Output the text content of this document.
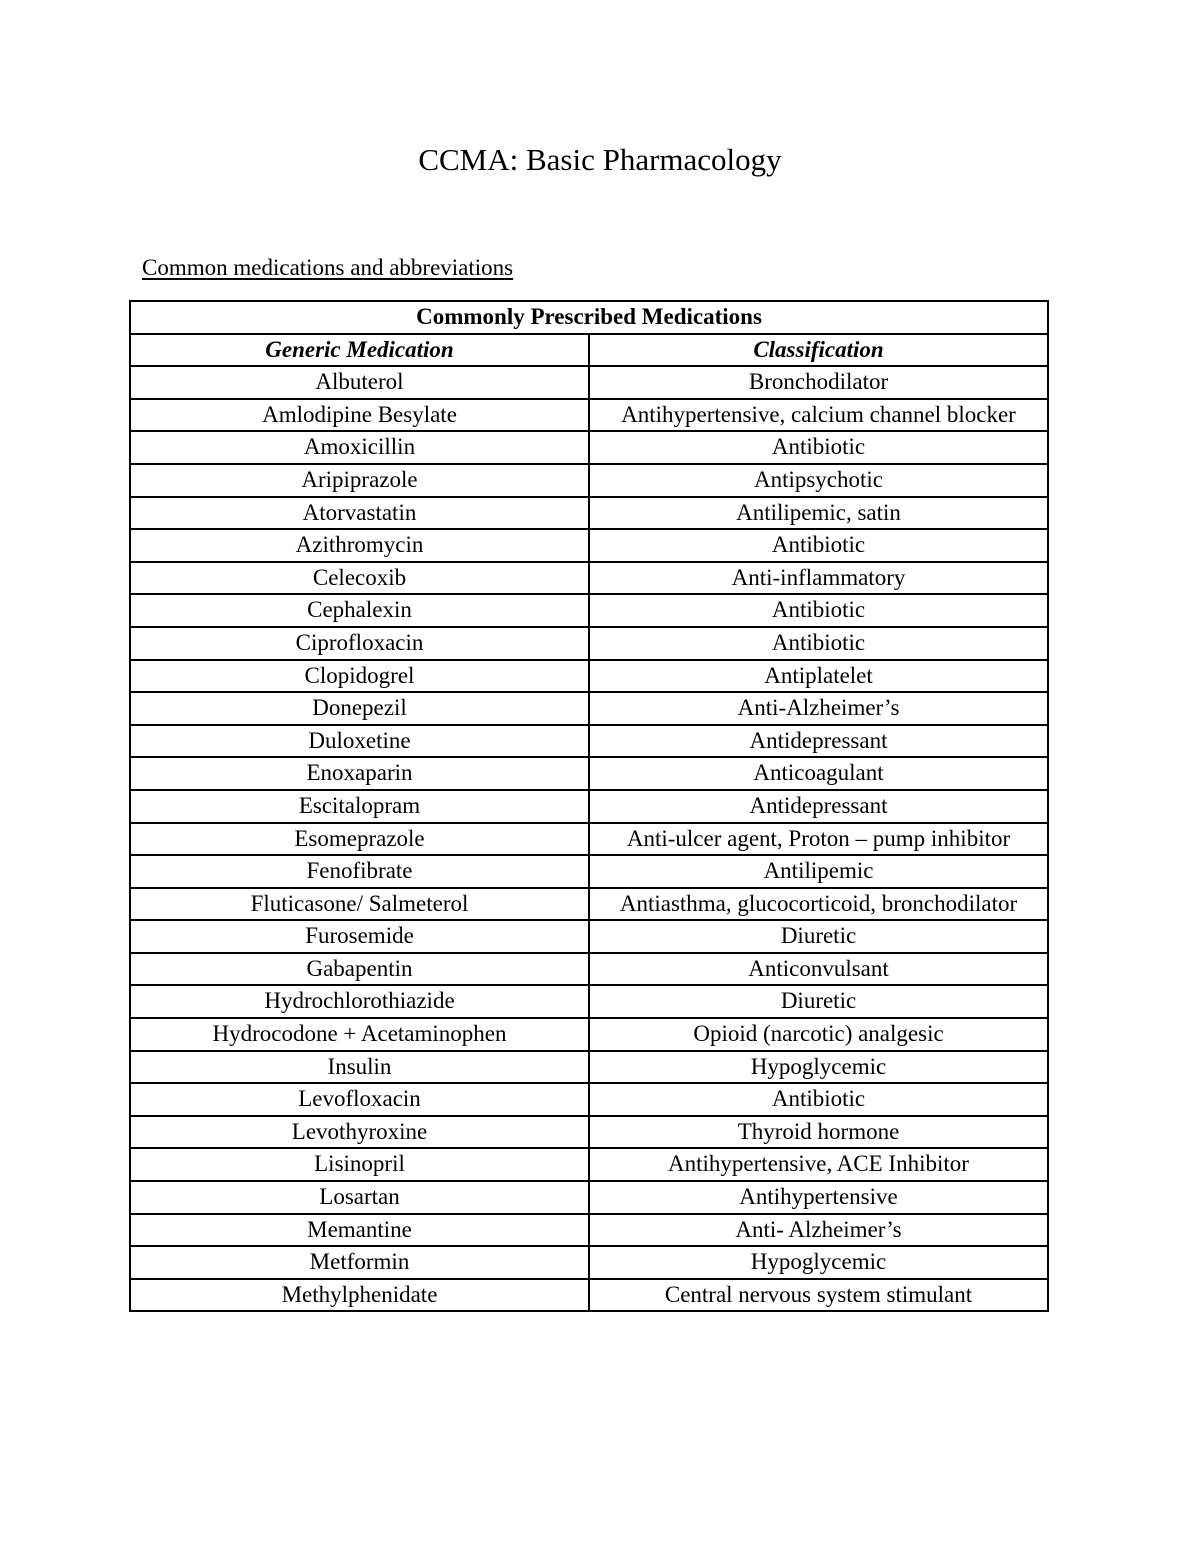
CCMA: Basic Pharmacology
Common medications and abbreviations
Commonly Prescribed Medications	
Generic Medication	Classification
Albuterol	Bronchodilator
Amlodipine Besylate	Antihypertensive, calcium channel blocker
Amoxicillin	Antibiotic
Aripiprazole	Antipsychotic
Atorvastatin	Antilipemic, satin
Azithromycin	Antibiotic
Celecoxib	Anti-inflammatory
Cephalexin	Antibiotic
Ciprofloxacin	Antibiotic
Clopidogrel	Antiplatelet
Donepezil	Anti-Alzheimer’s
Duloxetine	Antidepressant
Enoxaparin	Anticoagulant
Escitalopram	Antidepressant
Esomeprazole	Anti-ulcer agent, Proton – pump inhibitor
Fenofibrate	Antilipemic
Fluticasone/ Salmeterol	Antiasthma, glucocorticoid, bronchodilator
Furosemide	Diuretic
Gabapentin	Anticonvulsant
Hydrochlorothiazide	Diuretic
Hydrocodone + Acetaminophen	Opioid (narcotic) analgesic
Insulin	Hypoglycemic
Levofloxacin	Antibiotic
Levothyroxine	Thyroid hormone
Lisinopril	Antihypertensive, ACE Inhibitor
Losartan	Antihypertensive
Memantine	Anti- Alzheimer’s
Metformin	Hypoglycemic
Methylphenidate	Central nervous system stimulant
